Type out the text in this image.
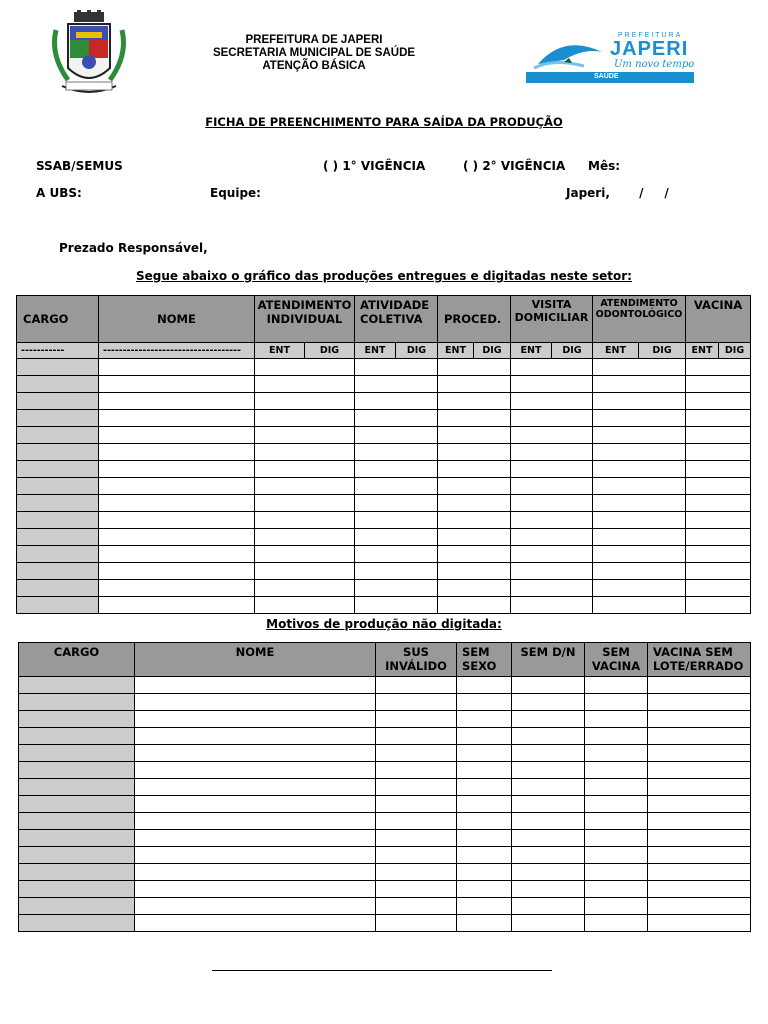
PREFEITURA DE JAPERI
SECRETARIA MUNICIPAL DE SAÚDE
ATENÇÃO BÁSICA
PREFEITURA
JAPERI
Um novo tempo
SAÚDE
FICHA DE PREENCHIMENTO PARA SAÍDA DA PRODUÇÃO
SSAB/SEMUS	( ) 1° VIGÊNCIA	( ) 2° VIGÊNCIA Mês:
A UBS:	Equipe:	Japeri,       /     /
Prezado Responsável,
Segue abaixo o gráfico das produções entregues e digitadas neste setor:
CARGO	NOME	ATENDIMENTO INDIVIDUAL		ATIVIDADE COLETIVA		PROCED.		VISITA DOMICILIAR		ATENDIMENTO ODONTOLÓGICO		VACINA	
-----------	-----------------------------------	ENT	DIG	ENT	DIG	ENT	DIG	ENT	DIG	ENT	DIG	ENT	DIG

Motivos de produção não digitada:
CARGO	NOME	SUS INVÁLIDO	SEM SEXO	SEM D/N	SEM VACINA	VACINA SEM LOTE/ERRADO
